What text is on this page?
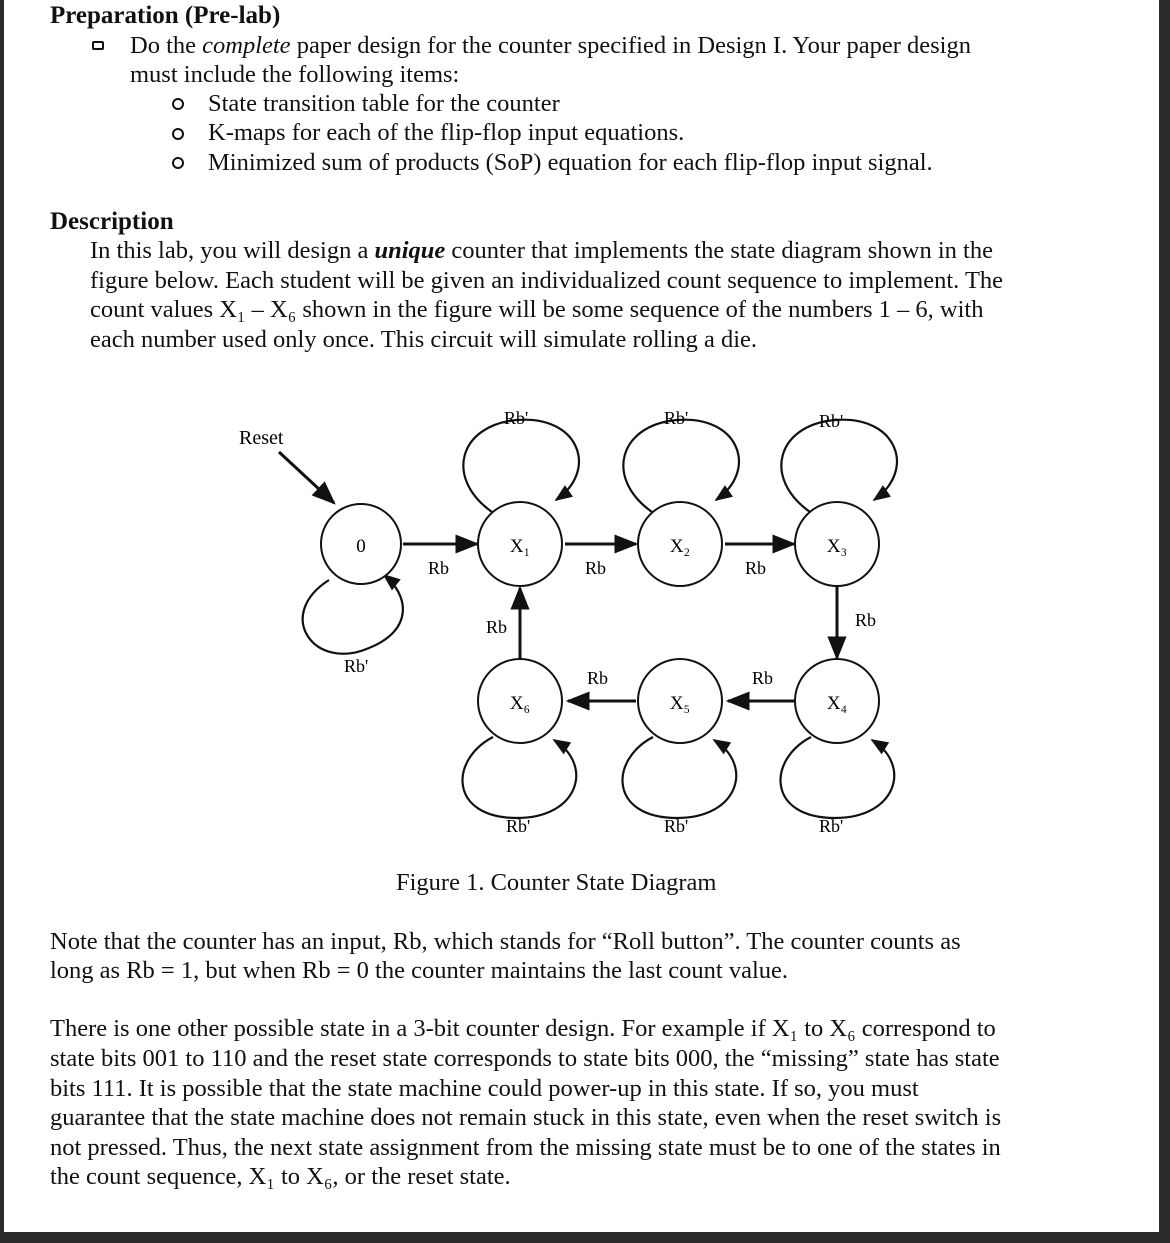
Preparation (Pre-lab)
Do the complete paper design for the counter specified in Design I. Your paper design
must include the following items:
State transition table for the counter
K-maps for each of the flip-flop input equations.
Minimized sum of products (SoP) equation for each flip-flop input signal.
Description
In this lab, you will design a unique counter that implements the state diagram shown in the
figure below. Each student will be given an individualized count sequence to implement. The
count values X₁ – X₆ shown in the figure will be some sequence of the numbers 1 – 6, with
each number used only once. This circuit will simulate rolling a die.
Reset
0	X₁	X₂	X₃
X₄
X₅
X₆
Rb	Rb	Rb
Rb
Rb
Rb	Rb
Rb'	Rb'	Rb'
Rb'
Rb'	Rb'	Rb'
Figure 1. Counter State Diagram
Note that the counter has an input, Rb, which stands for “Roll button”. The counter counts as
long as Rb = 1, but when Rb = 0 the counter maintains the last count value.
There is one other possible state in a 3-bit counter design. For example if X₁ to X₆ correspond to
state bits 001 to 110 and the reset state corresponds to state bits 000, the “missing” state has state
bits 111. It is possible that the state machine could power-up in this state. If so, you must
guarantee that the state machine does not remain stuck in this state, even when the reset switch is
not pressed. Thus, the next state assignment from the missing state must be to one of the states in
the count sequence, X₁ to X₆, or the reset state.
